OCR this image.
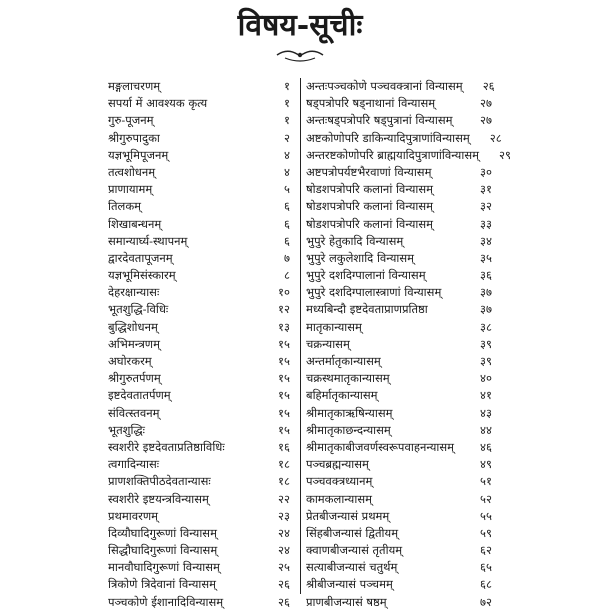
विषय-सूचीः
मङ्गलाचरणम्	१
सपर्या में आवश्यक कृत्य	१
गुरु-पूजनम्	१
श्रीगुरुपादुका	२
यज्ञभूमिपूजनम्	४
तत्वशोधनम्	४
प्राणायामम्	५
तिलकम्	६
शिखाबन्धनम्	६
समान्यार्घ्य-स्थापनम्	६
द्वारदेवतापूजनम्	७
यज्ञभूमिसंस्कारम्	८
देहरक्षान्यासः	१०
भूतशुद्धि-विधिः	१२
बुद्धिशोधनम्	१३
अभिमन्त्रणम्	१५
अघोरकरम्	१५
श्रीगुरुतर्पणम्	१५
इष्टदेवतातर्पणम्	१५
संवित्स्तवनम्	१५
भूतशुद्धिः	१५
स्वशरीरे इष्टदेवताप्रतिष्ठाविधिः	१६
त्वगादिन्यासः	१८
प्राणशक्तिपीठदेवतान्यासः	१८
स्वशरीरे इष्टयन्त्रविन्यासम्	२२
प्रथमावरणम्	२३
दिव्यौघादिगुरूणां विन्यासम्	२४
सिद्धौघादिगुरूणां विन्यासम्	२४
मानवौघादिगुरूणां विन्यासम्	२५
त्रिकोणे त्रिदेवानां विन्यासम्	२६
पञ्चकोणे ईशानादिविन्यासम्	२६
अन्तःपञ्चकोणे पञ्चवक्त्रानां विन्यासम्	२६
षड्पत्रोपरि षड्नाथानां विन्यासम्	२७
अन्तःषड्पत्रोपरि षड्पुत्रानां विन्यासम्	२७
अष्टकोणोपरि डाकिन्यादिपुत्राणांविन्यासम्	२८
अन्तरष्टकोणोपरि ब्राह्मयादिपुत्राणांविन्यासम्	२९
अष्टपत्रोपर्यष्टभैरवाणां विन्यासम्	३०
षोडशपत्रोपरि कलानां विन्यासम्	३१
षोडशपत्रोपरि कलानां विन्यासम्	३२
षोडशपत्रोपरि कलानां विन्यासम्	३३
भुपुरे हेतुकादि विन्यासम्	३४
भुपुरे लकुलेशादि विन्यासम्	३५
भुपुरे दशदिग्पालानां विन्यासम्	३६
भुपुरे दशदिग्पालास्त्राणां विन्यासम्	३७
मध्यबिन्दौ इष्टदेवताप्राणप्रतिष्ठा	३७
मातृकान्यासम्	३८
चक्रन्यासम्	३९
अन्तर्मातृकान्यासम्	३९
चक्रस्थमातृकान्यासम्	४०
बहिर्मातृकान्यासम्	४१
श्रीमातृकाऋषिन्यासम्	४३
श्रीमातृकाछन्दन्यासम्	४४
श्रीमातृकाबीजवर्णस्वरूपवाहनन्यासम्	४६
पञ्चब्रह्मन्यासम्	४९
पञ्चवक्त्रध्यानम्	५१
कामकलान्यासम्	५२
प्रेतबीजन्यासं प्रथमम्	५५
सिंहबीजन्यासं द्वितीयम्	५९
क्वाणबीजन्यासं तृतीयम्	६२
सत्याबीजन्यासं चतुर्थम्	६५
श्रीबीजन्यासं पञ्चमम्	६८
प्राणबीजन्यासं षष्ठम्	७२
